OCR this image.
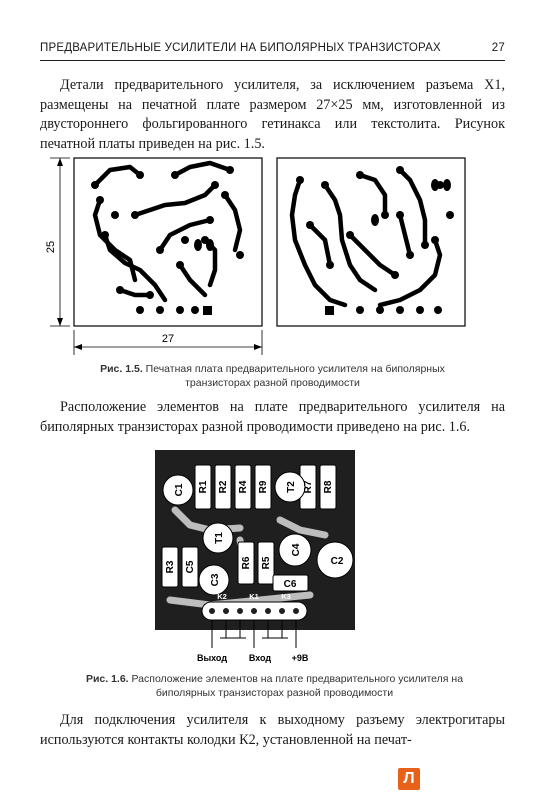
ПРЕДВАРИТЕЛЬНЫЕ УСИЛИТЕЛИ НА БИПОЛЯРНЫХ ТРАНЗИСТОРАХ	27

Детали предварительного усилителя, за исключением разъема X1, размещены на печатной плате размером 27×25 мм, изготовленной из двустороннего фольгированного гетинакса или текстолита. Рисунок печатной платы приведен на рис. 1.5.

25
27
Рис. 1.5. Печатная плата предварительного усилителя на биполярных транзисторах разной проводимости

Расположение элементов на плате предварительного усилителя на биполярных транзисторах разной проводимости приведено на рис. 1.6.

R1 R2 R4 R9	R7 R8
C1	T2
T1
R3 C5
C3
R6 R5
C4
C2
C6
K2	K1	K3
Выход Вход +9В
Рис. 1.6. Расположение элементов на плате предварительного усилителя на биполярных транзисторах разной проводимости

Для подключения усилителя к выходному разъему электрогитары используются контакты колодки К2, установленной на печат-

Л
